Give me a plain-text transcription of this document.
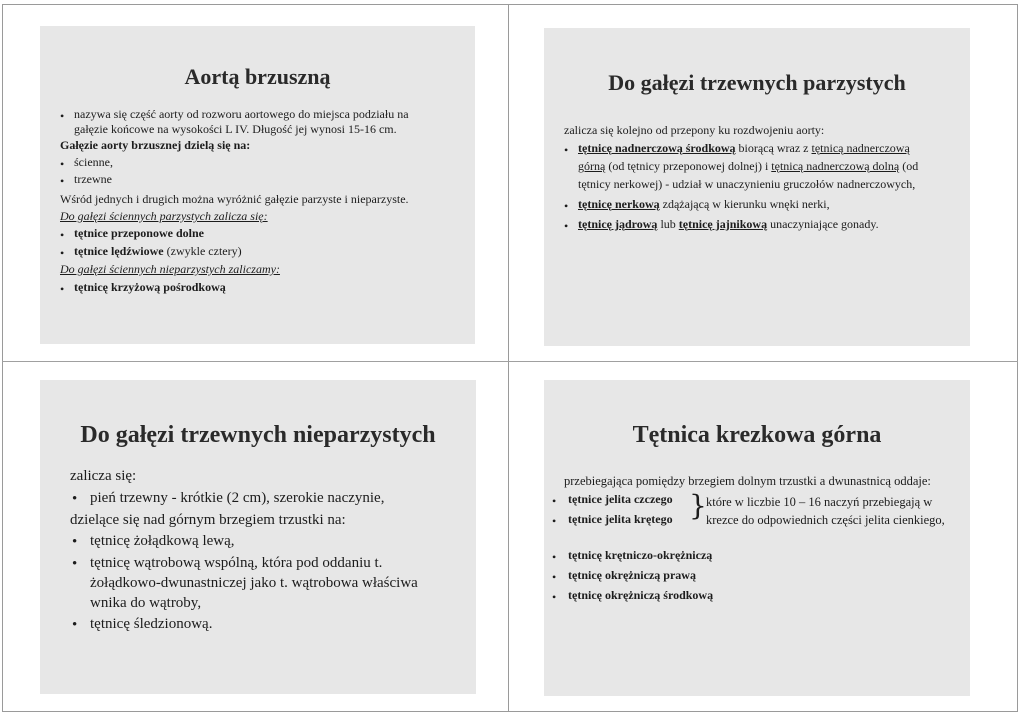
Aortą brzuszną
• nazywa się część aorty od rozworu aortowego do miejsca podziału na
gałęzie końcowe na wysokości L IV. Długość jej wynosi 15-16 cm.
Gałęzie aorty brzusznej dzielą się na:
• ścienne,
• trzewne
Wśród jednych i drugich można wyróżnić gałęzie parzyste i nieparzyste.
Do gałęzi ściennych parzystych zalicza się:
• tętnice przeponowe dolne
• tętnice lędźwiowe (zwykle cztery)
Do gałęzi ściennych nieparzystych zaliczamy:
• tętnicę krzyżową pośrodkową
Do gałęzi trzewnych parzystych
zalicza się kolejno od przepony ku rozdwojeniu aorty:
• tętnicę nadnerczową środkową biorącą wraz z tętnicą nadnerczową
górną (od tętnicy przeponowej dolnej) i tętnicą nadnerczową dolną (od
tętnicy nerkowej) - udział w unaczynieniu gruczołów nadnerczowych,
• tętnicę nerkową zdążającą w kierunku wnęki nerki,
• tętnicę jądrową lub tętnicę jajnikową unaczyniające gonady.
Do gałęzi trzewnych nieparzystych
zalicza się:
• pień trzewny - krótkie (2 cm), szerokie naczynie,
dzielące się nad górnym brzegiem trzustki na:
• tętnicę żołądkową lewą,
• tętnicę wątrobową wspólną, która pod oddaniu t.
żołądkowo-dwunastniczej jako t. wątrobowa właściwa
wnika do wątroby,
• tętnicę śledzionową.
Tętnica krezkowa górna
przebiegająca pomiędzy brzegiem dolnym trzustki a dwunastnicą oddaje:
• tętnice jelita czczego
• tętnice jelita krętego } które w liczbie 10 – 16 naczyń przebiegają w
krezce do odpowiednich części jelita cienkiego,
• tętnicę krętniczo-okrężniczą
• tętnicę okrężniczą prawą
• tętnicę okrężniczą środkową
